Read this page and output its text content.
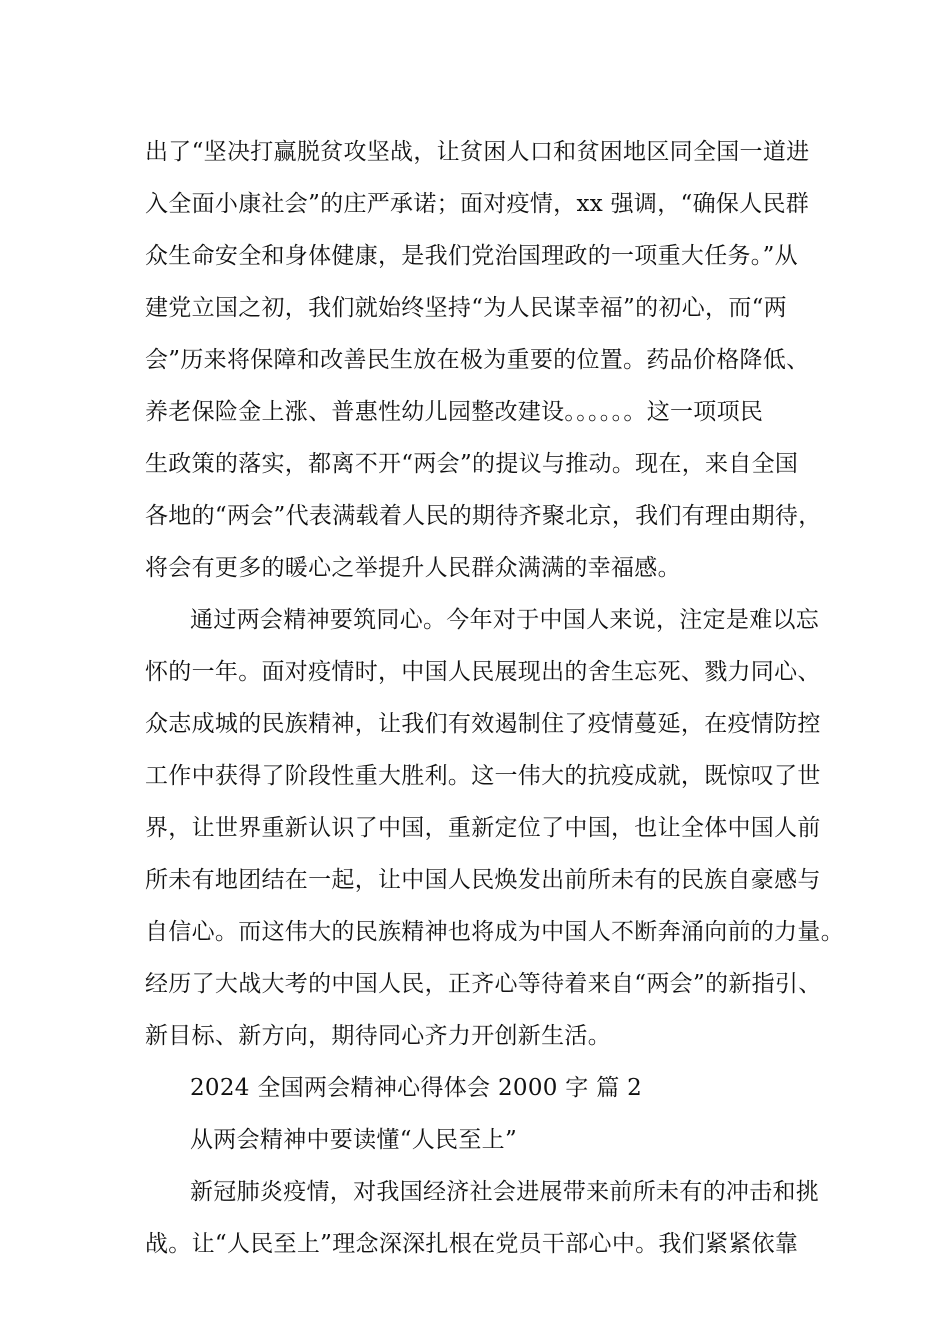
出了“坚决打赢脱贫攻坚战，让贫困人口和贫困地区同全国一道进
入全面小康社会”的庄严承诺；面对疫情，xx 强调，“确保人民群
众生命安全和身体健康，是我们党治国理政的一项重大任务。”从
建党立国之初，我们就始终坚持“为人民谋幸福”的初心，而“两
会”历来将保障和改善民生放在极为重要的位置。药品价格降低、
养老保险金上涨、普惠性幼儿园整改建设。。。。。。这一项项民
生政策的落实，都离不开“两会”的提议与推动。现在，来自全国
各地的“两会”代表满载着人民的期待齐聚北京，我们有理由期待，
将会有更多的暖心之举提升人民群众满满的幸福感。
通过两会精神要筑同心。今年对于中国人来说，注定是难以忘
怀的一年。面对疫情时，中国人民展现出的舍生忘死、戮力同心、
众志成城的民族精神，让我们有效遏制住了疫情蔓延，在疫情防控
工作中获得了阶段性重大胜利。这一伟大的抗疫成就，既惊叹了世
界，让世界重新认识了中国，重新定位了中国，也让全体中国人前
所未有地团结在一起，让中国人民焕发出前所未有的民族自豪感与
自信心。而这伟大的民族精神也将成为中国人不断奔涌向前的力量。
经历了大战大考的中国人民，正齐心等待着来自“两会”的新指引、
新目标、新方向，期待同心齐力开创新生活。
2024 全国两会精神心得体会 2000 字 篇 2
从两会精神中要读懂“人民至上”
新冠肺炎疫情，对我国经济社会进展带来前所未有的冲击和挑
战。让“人民至上”理念深深扎根在党员干部心中。我们紧紧依靠
